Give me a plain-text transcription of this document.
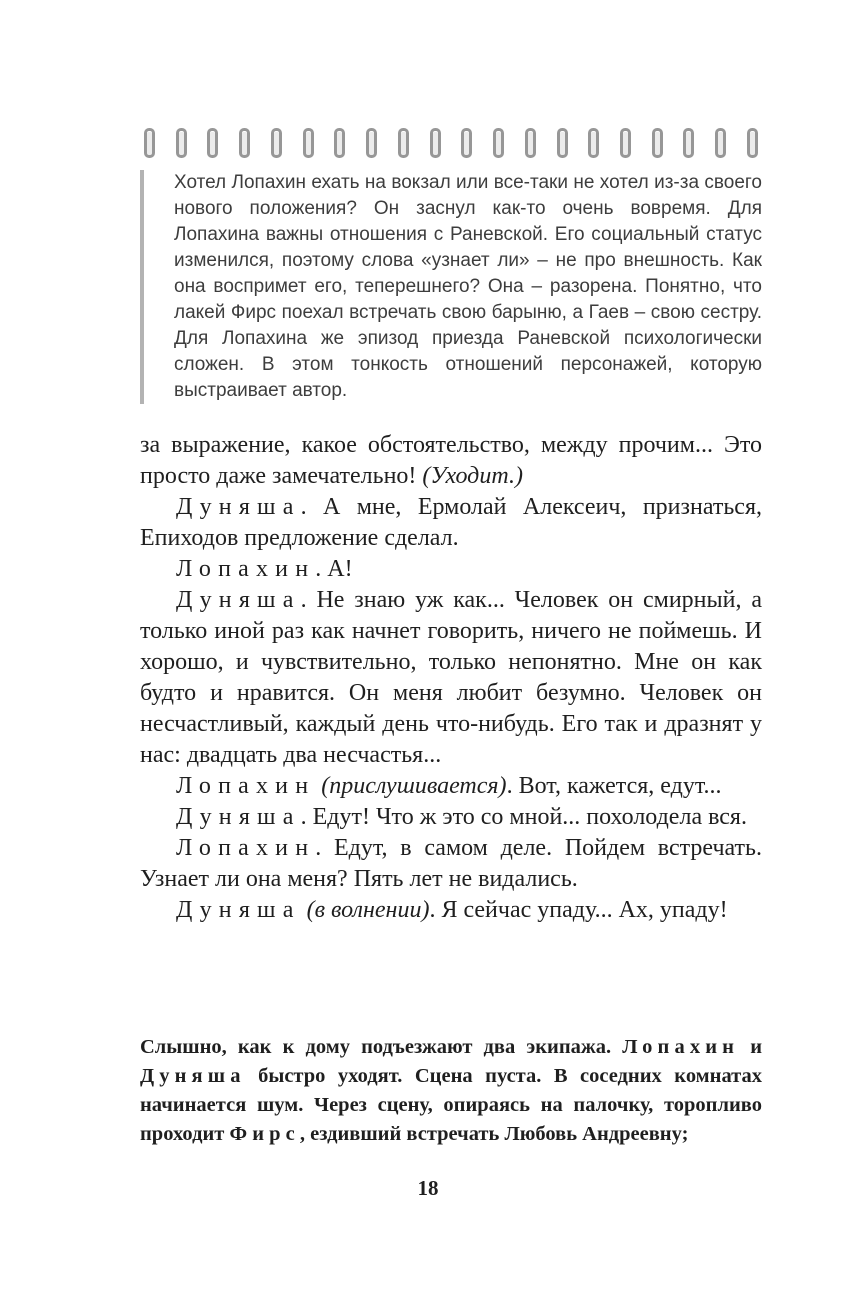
Хотел Лопахин ехать на вокзал или все-таки не хотел из-за своего нового положения? Он заснул как-то очень вовремя. Для Лопахина важны отношения с Раневской. Его социальный статус изменился, поэтому слова «узнает ли» – не про внешность. Как она воспримет его, теперешнего? Она – разорена. Понятно, что лакей Фирс поехал встречать свою барыню, а Гаев – свою сестру. Для Лопахина же эпизод приезда Раневской психологически сложен. В этом тонкость отношений персонажей, которую выстраивает автор.

за выражение, какое обстоятельство, между прочим... Это просто даже замечательно! (Уходит.)

Дуняша. А мне, Ермолай Алексеич, признаться, Епиходов предложение сделал.

Лопахин. А!

Дуняша. Не знаю уж как... Человек он смирный, а только иной раз как начнет говорить, ничего не поймешь. И хорошо, и чувствительно, только непонятно. Мне он как будто и нравится. Он меня любит безумно. Человек он несчастливый, каждый день что-нибудь. Его так и дразнят у нас: двадцать два несчастья...

Лопахин (прислушивается). Вот, кажется, едут...

Дуняша. Едут! Что ж это со мной... похолодела вся.

Лопахин. Едут, в самом деле. Пойдем встречать. Узнает ли она меня? Пять лет не видались.

Дуняша (в волнении). Я сейчас упаду... Ах, упаду!

Слышно, как к дому подъезжают два экипажа. Лопахин и Дуняша быстро уходят. Сцена пуста. В соседних комнатах начинается шум. Через сцену, опираясь на палочку, торопливо проходит Фирс, ездивший встречать Любовь Андреевну;
18
